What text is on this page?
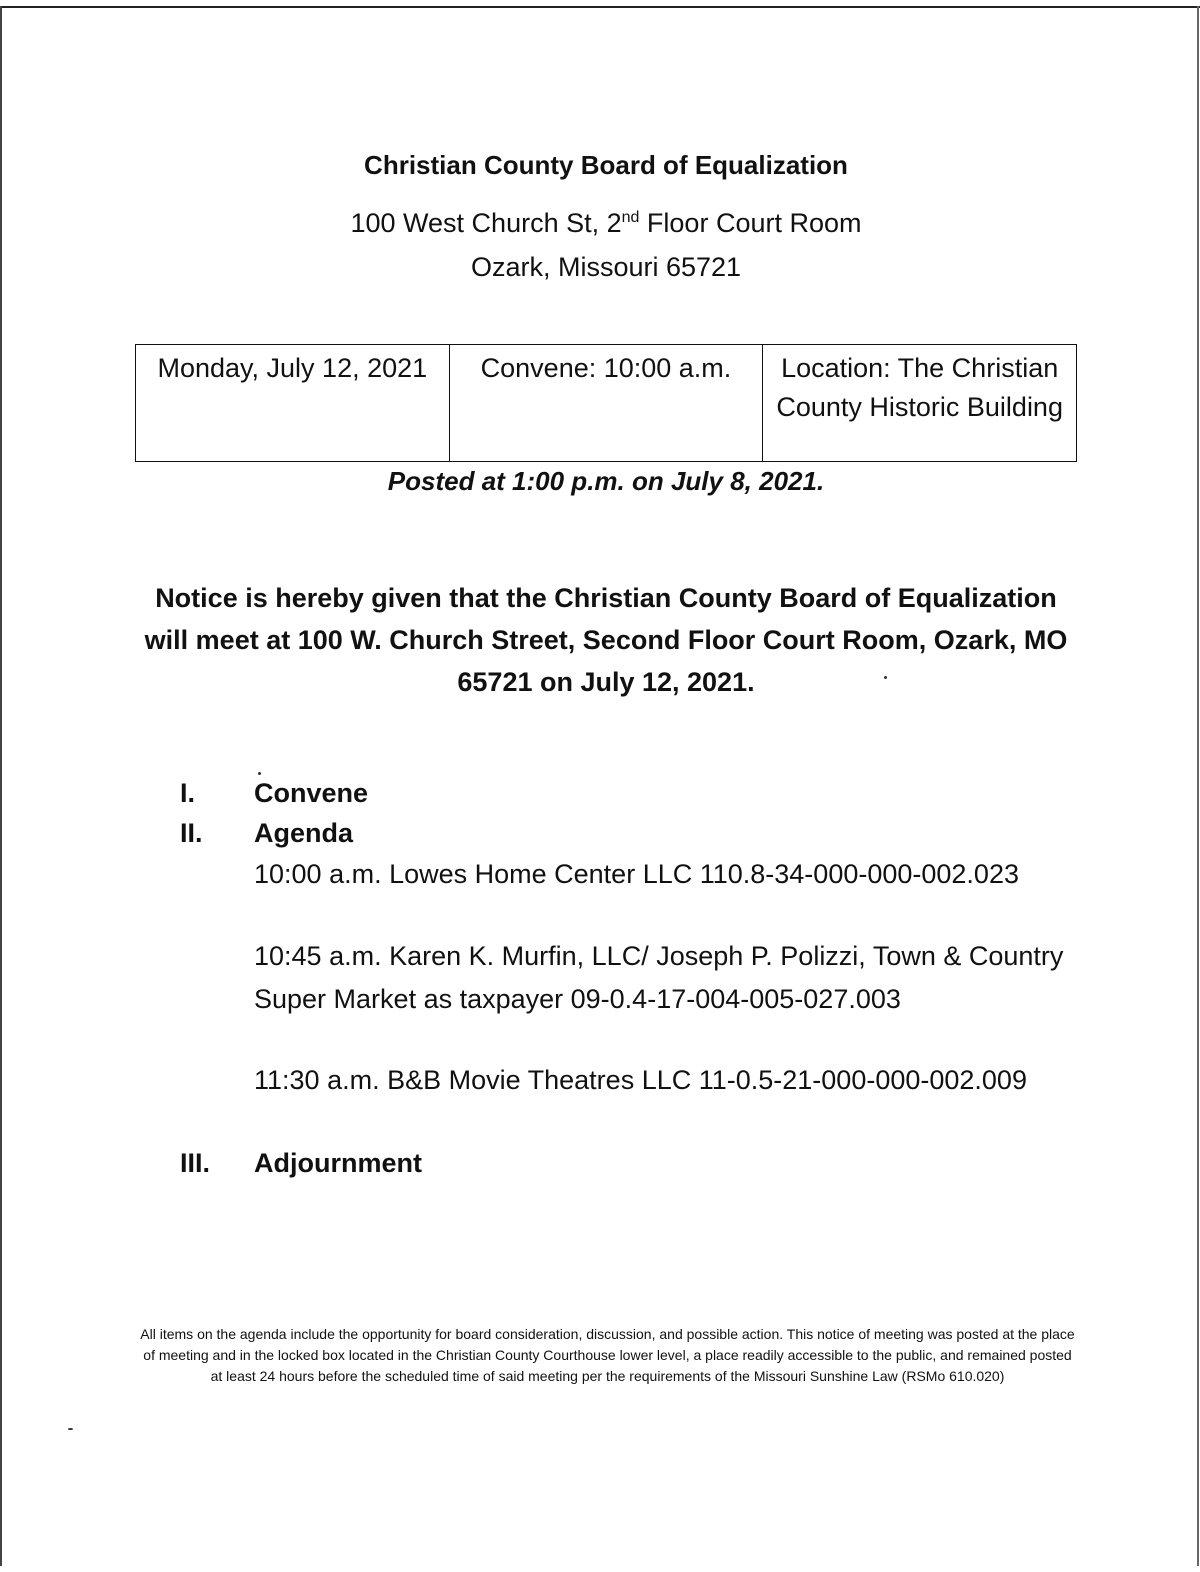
Christian County Board of Equalization
100 West Church St, 2nd Floor Court Room
Ozark, Missouri 65721
Monday, July 12, 2021	Convene: 10:00 a.m.	Location: The Christian County Historic Building
Posted at 1:00 p.m. on July 8, 2021.
Notice is hereby given that the Christian County Board of Equalization will meet at 100 W. Church Street, Second Floor Court Room, Ozark, MO 65721 on July 12, 2021.
I. Convene
II. Agenda
10:00 a.m. Lowes Home Center LLC 110.8-34-000-000-002.023
10:45 a.m. Karen K. Murfin, LLC/ Joseph P. Polizzi, Town & Country Super Market as taxpayer 09-0.4-17-004-005-027.003
11:30 a.m. B&B Movie Theatres LLC 11-0.5-21-000-000-002.009
III. Adjournment
All items on the agenda include the opportunity for board consideration, discussion, and possible action. This notice of meeting was posted at the place of meeting and in the locked box located in the Christian County Courthouse lower level, a place readily accessible to the public, and remained posted at least 24 hours before the scheduled time of said meeting per the requirements of the Missouri Sunshine Law (RSMo 610.020)
